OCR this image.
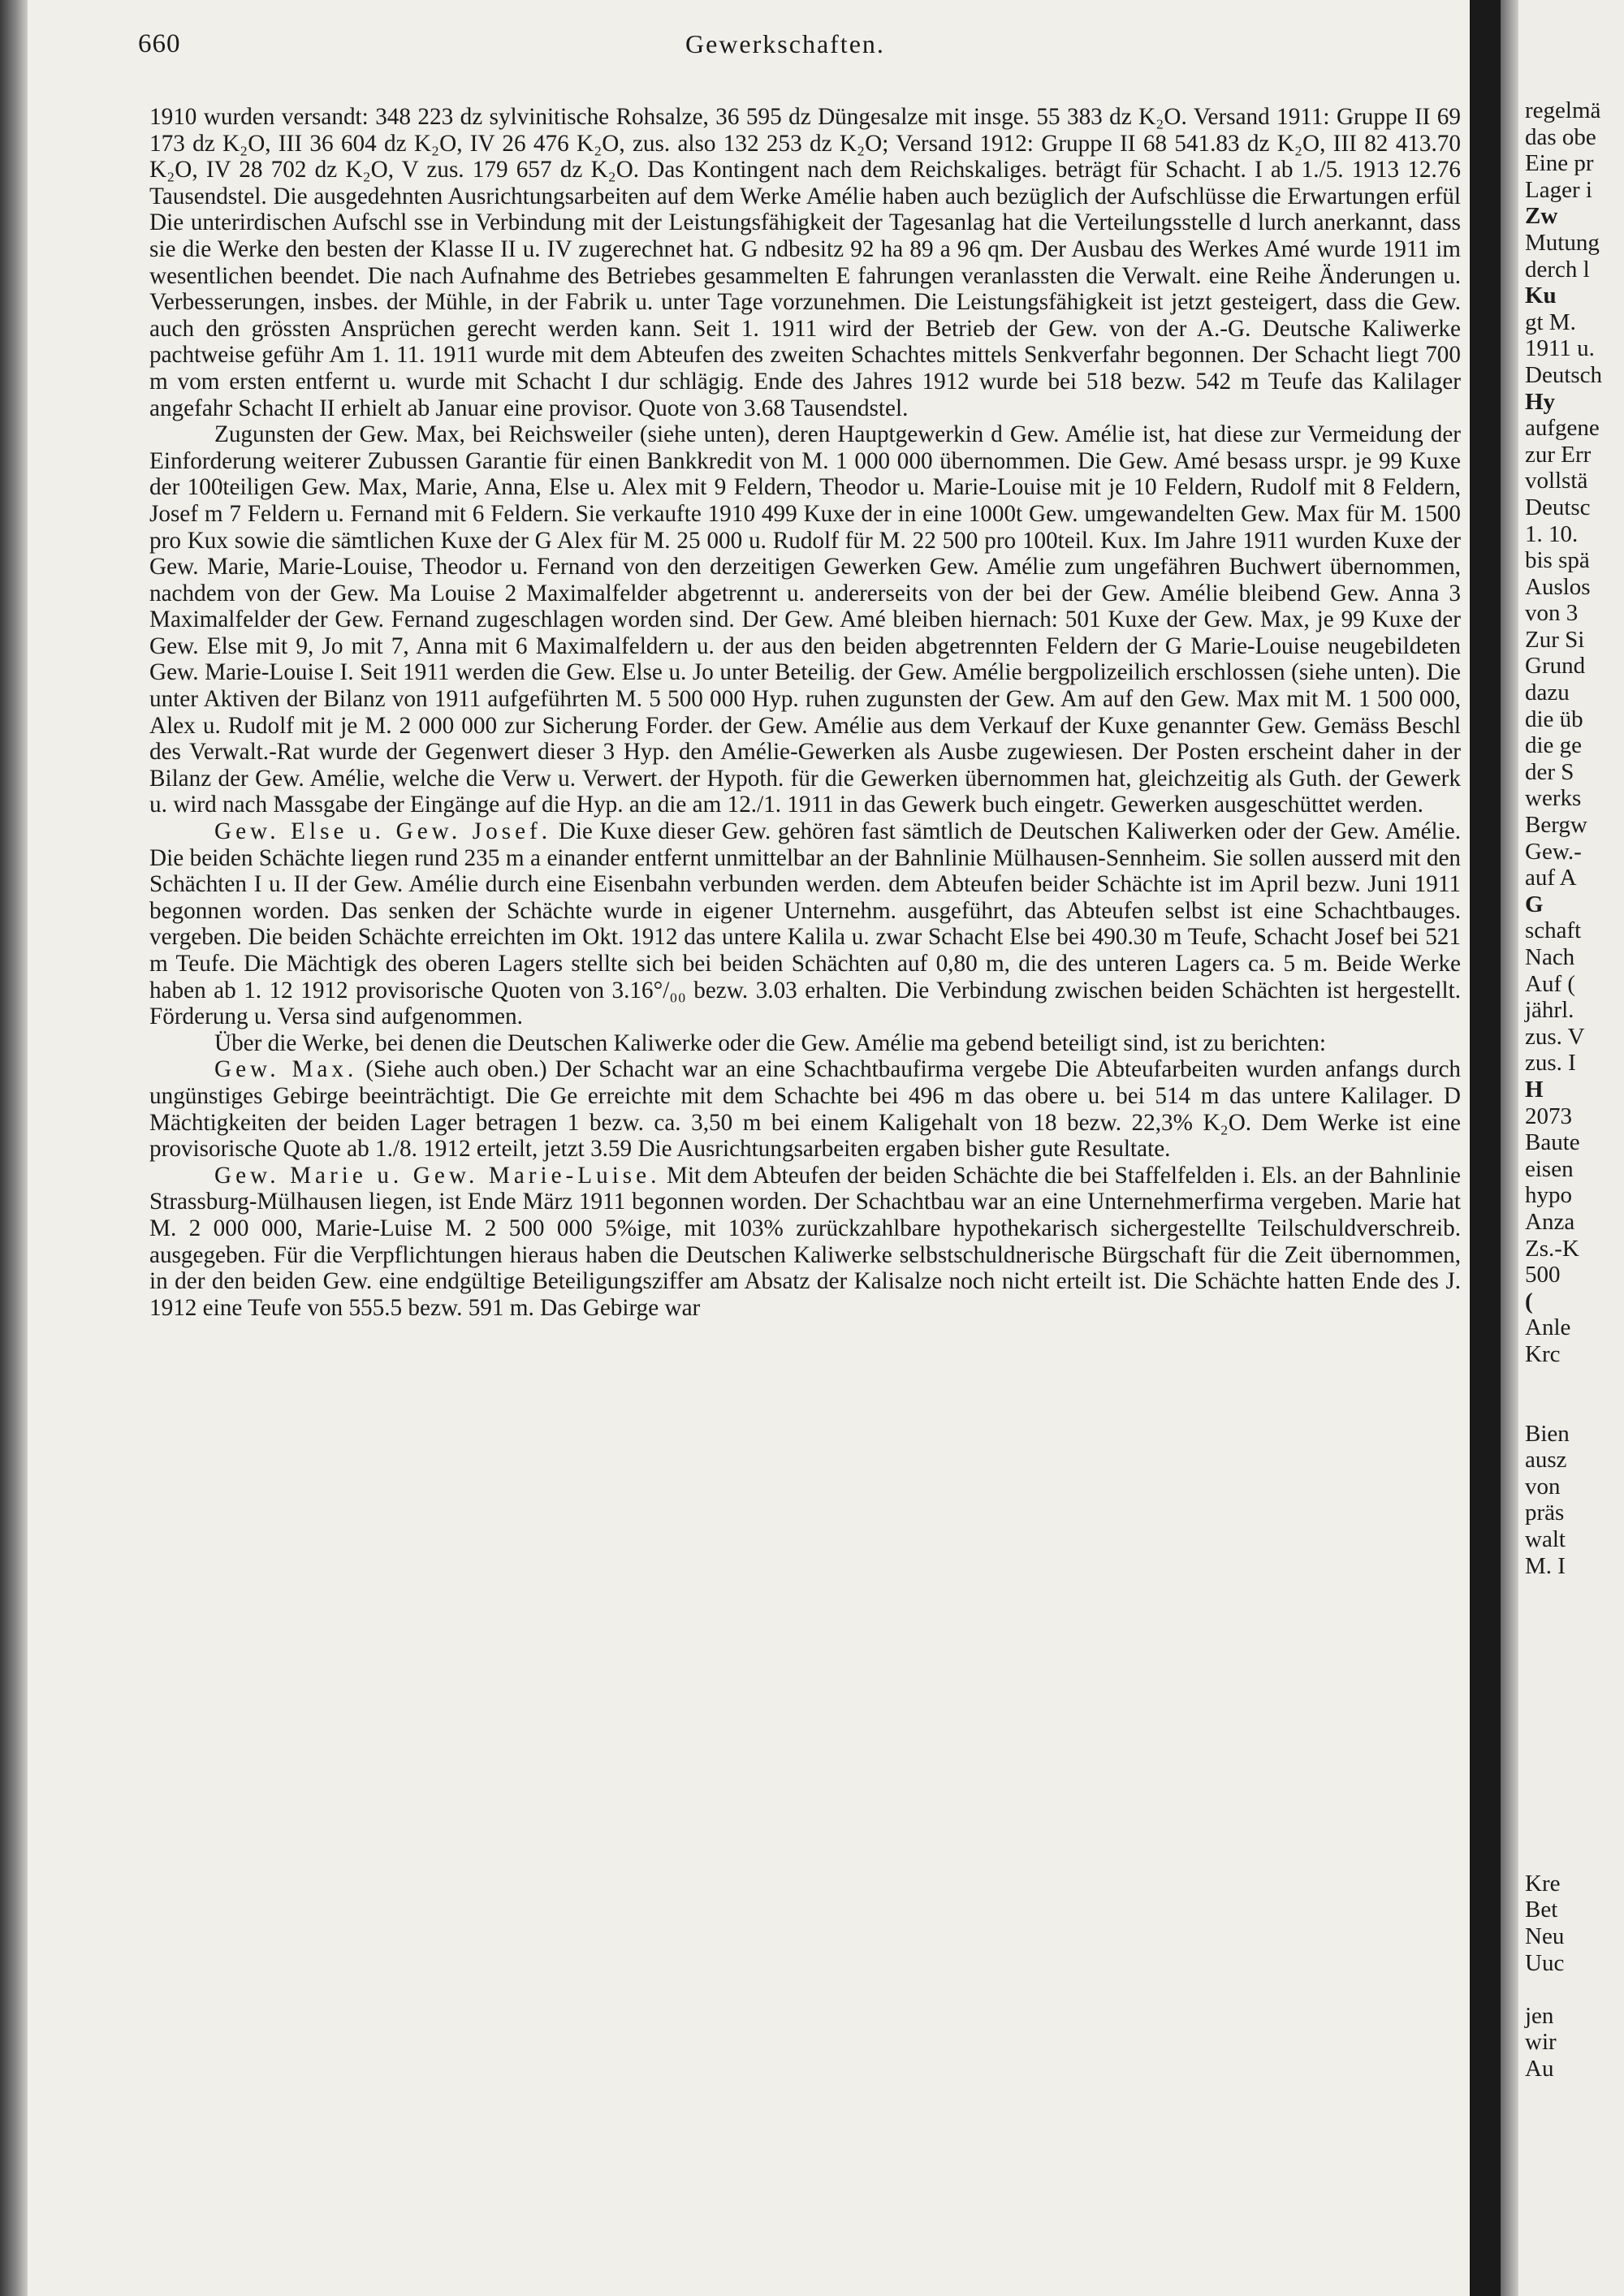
660	Gewerkschaften.

1910 wurden versandt: 348 223 dz sylvinitische Rohsalze, 36 595 dz Düngesalze mit insge. 55 383 dz K₂O. Versand 1911: Gruppe II 69 173 dz K₂O, III 36 604 dz K₂O, IV 26 476 K₂O, zus. also 132 253 dz K₂O; Versand 1912: Gruppe II 68 541.83 dz K₂O, III 82 413.70 K₂O, IV 28 702 dz K₂O, V zus. 179 657 dz K₂O. Das Kontingent nach dem Reichskaliges. beträgt für Schacht. I ab 1./5. 1913 12.76 Tausendstel. Die ausgedehnten Ausrichtungsarbeiten auf dem Werke Amélie haben auch bezüglich der Aufschlüsse die Erwartungen erfül Die unterirdischen Aufschl sse in Verbindung mit der Leistungsfähigkeit der Tagesanlag hat die Verteilungsstelle d lurch anerkannt, dass sie die Werke den besten der Klasse II u. IV zugerechnet hat. G ndbesitz 92 ha 89 a 96 qm. Der Ausbau des Werkes Amé wurde 1911 im wesentlichen beendet. Die nach Aufnahme des Betriebes gesammelten E fahrungen veranlassten die Verwalt. eine Reihe Änderungen u. Verbesserungen, insbes. der Mühle, in der Fabrik u. unter Tage vorzunehmen. Die Leistungsfähigkeit ist jetzt gesteigert, dass die Gew. auch den grössten Ansprüchen gerecht werden kann. Seit 1. 1911 wird der Betrieb der Gew. von der A.-G. Deutsche Kaliwerke pachtweise geführ Am 1. 11. 1911 wurde mit dem Abteufen des zweiten Schachtes mittels Senkverfahr begonnen. Der Schacht liegt 700 m vom ersten entfernt u. wurde mit Schacht I dur schlägig. Ende des Jahres 1912 wurde bei 518 bezw. 542 m Teufe das Kalilager angefahr Schacht II erhielt ab Januar eine provisor. Quote von 3.68 Tausendstel.

Zugunsten der Gew. Max, bei Reichsweiler (siehe unten), deren Hauptgewerkin d Gew. Amélie ist, hat diese zur Vermeidung der Einforderung weiterer Zubussen Garantie für einen Bankkredit von M. 1 000 000 übernommen. Die Gew. Amé besass urspr. je 99 Kuxe der 100teiligen Gew. Max, Marie, Anna, Else u. Alex mit 9 Feldern, Theodor u. Marie-Louise mit je 10 Feldern, Rudolf mit 8 Feldern, Josef m 7 Feldern u. Fernand mit 6 Feldern. Sie verkaufte 1910 499 Kuxe der in eine 1000t Gew. umgewandelten Gew. Max für M. 1500 pro Kux sowie die sämtlichen Kuxe der G Alex für M. 25 000 u. Rudolf für M. 22 500 pro 100teil. Kux. Im Jahre 1911 wurden Kuxe der Gew. Marie, Marie-Louise, Theodor u. Fernand von den derzeitigen Gewerken Gew. Amélie zum ungefähren Buchwert übernommen, nachdem von der Gew. Ma Louise 2 Maximalfelder abgetrennt u. andererseits von der bei der Gew. Amélie bleibend Gew. Anna 3 Maximalfelder der Gew. Fernand zugeschlagen worden sind. Der Gew. Amé bleiben hiernach: 501 Kuxe der Gew. Max, je 99 Kuxe der Gew. Else mit 9, Jo mit 7, Anna mit 6 Maximalfeldern u. der aus den beiden abgetrennten Feldern der G Marie-Louise neugebildeten Gew. Marie-Louise I. Seit 1911 werden die Gew. Else u. Jo unter Beteilig. der Gew. Amélie bergpolizeilich erschlossen (siehe unten). Die unter Aktiven der Bilanz von 1911 aufgeführten M. 5 500 000 Hyp. ruhen zugunsten der Gew. Am auf den Gew. Max mit M. 1 500 000, Alex u. Rudolf mit je M. 2 000 000 zur Sicherung Forder. der Gew. Amélie aus dem Verkauf der Kuxe genannter Gew. Gemäss Beschl des Verwalt.-Rat wurde der Gegenwert dieser 3 Hyp. den Amélie-Gewerken als Ausbe zugewiesen. Der Posten erscheint daher in der Bilanz der Gew. Amélie, welche die Verw u. Verwert. der Hypoth. für die Gewerken übernommen hat, gleichzeitig als Guth. der Gewerk u. wird nach Massgabe der Eingänge auf die Hyp. an die am 12./1. 1911 in das Gewerk buch eingetr. Gewerken ausgeschüttet werden.

Gew. Else u. Gew. Josef. Die Kuxe dieser Gew. gehören fast sämtlich de Deutschen Kaliwerken oder der Gew. Amélie. Die beiden Schächte liegen rund 235 m a einander entfernt unmittelbar an der Bahnlinie Mülhausen-Sennheim. Sie sollen ausserd mit den Schächten I u. II der Gew. Amélie durch eine Eisenbahn verbunden werden. dem Abteufen beider Schächte ist im April bezw. Juni 1911 begonnen worden. Das senken der Schächte wurde in eigener Unternehm. ausgeführt, das Abteufen selbst ist eine Schachtbauges. vergeben. Die beiden Schächte erreichten im Okt. 1912 das untere Kalila u. zwar Schacht Else bei 490.30 m Teufe, Schacht Josef bei 521 m Teufe. Die Mächtigk des oberen Lagers stellte sich bei beiden Schächten auf 0,80 m, die des unteren Lagers ca. 5 m. Beide Werke haben ab 1. 12 1912 provisorische Quoten von 3.16°/₀₀ bezw. 3.03 erhalten. Die Verbindung zwischen beiden Schächten ist hergestellt. Förderung u. Versa sind aufgenommen.

Über die Werke, bei denen die Deutschen Kaliwerke oder die Gew. Amélie ma gebend beteiligt sind, ist zu berichten:

Gew. Max. (Siehe auch oben.) Der Schacht war an eine Schachtbaufirma vergebe Die Abteufarbeiten wurden anfangs durch ungünstiges Gebirge beeinträchtigt. Die Ge erreichte mit dem Schachte bei 496 m das obere u. bei 514 m das untere Kalilager. D Mächtigkeiten der beiden Lager betragen 1 bezw. ca. 3,50 m bei einem Kaligehalt von 18 bezw. 22,3% K₂O. Dem Werke ist eine provisorische Quote ab 1./8. 1912 erteilt, jetzt 3.59 Die Ausrichtungsarbeiten ergaben bisher gute Resultate.

Gew. Marie u. Gew. Marie-Luise. Mit dem Abteufen der beiden Schächte die bei Staffelfelden i. Els. an der Bahnlinie Strassburg-Mülhausen liegen, ist Ende März 1911 begonnen worden. Der Schachtbau war an eine Unternehmerfirma vergeben. Marie hat M. 2 000 000, Marie-Luise M. 2 500 000 5%ige, mit 103% zurückzahlbare hypothekarisch sichergestellte Teilschuldverschreib. ausgegeben. Für die Verpflichtungen hieraus haben die Deutschen Kaliwerke selbstschuldnerische Bürgschaft für die Zeit übernommen, in der den beiden Gew. eine endgültige Beteiligungsziffer am Absatz der Kalisalze noch nicht erteilt ist. Die Schächte hatten Ende des J. 1912 eine Teufe von 555.5 bezw. 591 m. Das Gebirge war

regelmä
das obe
Eine pr
Lager i
Zw
Mutung
derch l
Ku
gt M.
1911 u.
Deutsch
Hy
aufgene
zur Err
vollstä
Deutsc
1. 10.
bis spä
Auslos
von 3
Zur Si
Grund
dazu
die üb
die ge
der S
werks
Bergw
Gew.-
auf A
G
schaft
Nach
Auf (
jährl.
zus. V
zus. I
H
2073
Baute
eisen
hypo
Anza
Zs.-K
500
(
Anle
Krc
Bien
ausz
von
präs
walt
M. I
Kre
Bet
Neu
Uuc
jen
wir
Au
